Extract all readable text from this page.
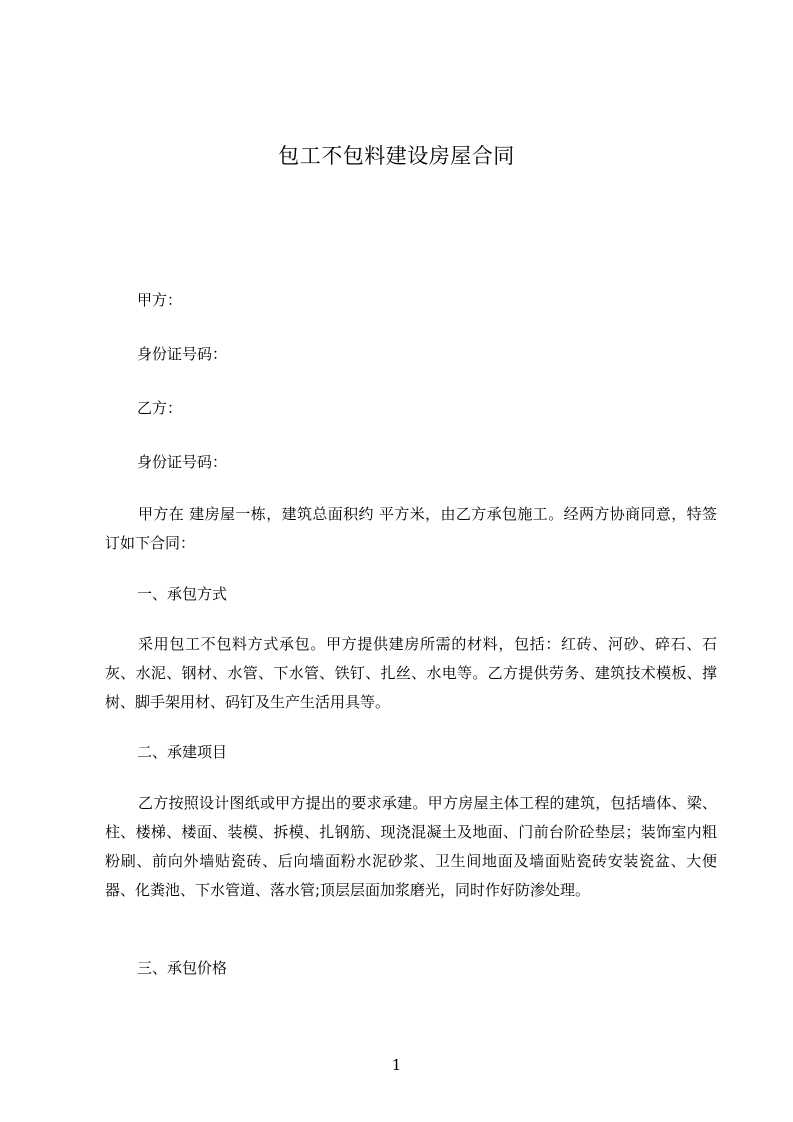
包工不包料建设房屋合同
甲方：
身份证号码：
乙方：
身份证号码：
甲方在 建房屋一栋，建筑总面积约 平方米，由乙方承包施工。经两方协商同意，特签订如下合同：
一、承包方式
采用包工不包料方式承包。甲方提供建房所需的材料，包括：红砖、河砂、碎石、石灰、水泥、钢材、水管、下水管、铁钉、扎丝、水电等。乙方提供劳务、建筑技术模板、撑树、脚手架用材、码钉及生产生活用具等。
二、承建项目
乙方按照设计图纸或甲方提出的要求承建。甲方房屋主体工程的建筑，包括墙体、梁、柱、楼梯、楼面、装模、拆模、扎钢筋、现浇混凝土及地面、门前台阶砼垫层；装饰室内粗粉刷、前向外墙贴瓷砖、后向墙面粉水泥砂浆、卫生间地面及墙面贴瓷砖安装瓷盆、大便器、化粪池、下水管道、落水管;顶层层面加浆磨光，同时作好防渗处理。
三、承包价格
1
